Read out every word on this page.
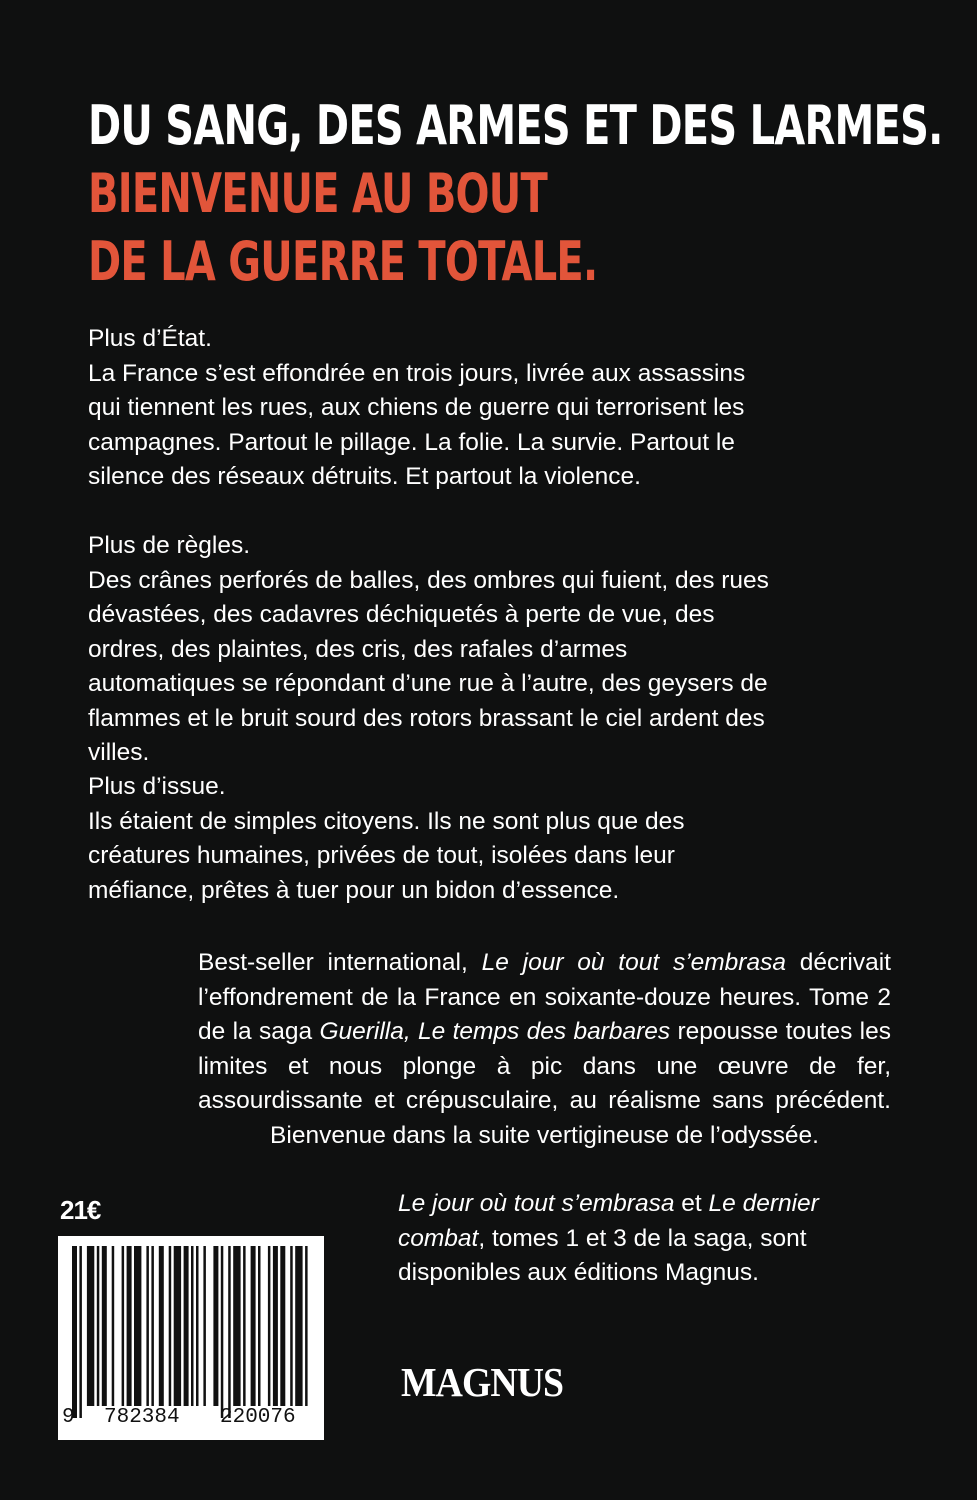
DU SANG, DES ARMES ET DES LARMES.
BIENVENUE AU BOUT
DE LA GUERRE TOTALE.
Plus d’État.

La France s’est effondrée en trois jours, livrée aux assassins qui tiennent les rues, aux chiens de guerre qui terrorisent les campagnes. Partout le pillage. La folie. La survie. Partout le silence des réseaux détruits. Et partout la violence.

Plus de règles.

Des crânes perforés de balles, des ombres qui fuient, des rues dévastées, des cadavres déchiquetés à perte de vue, des ordres, des plaintes, des cris, des rafales d’armes automatiques se répondant d’une rue à l’autre, des geysers de flammes et le bruit sourd des rotors brassant le ciel ardent des villes.

Plus d’issue.

Ils étaient de simples citoyens. Ils ne sont plus que des créatures humaines, privées de tout, isolées dans leur méfiance, prêtes à tuer pour un bidon d’essence.

Best-seller international, Le jour où tout s’embrasa décrivait l’effondrement de la France en soixante-douze heures. Tome 2 de la saga Guerilla, Le temps des barbares repousse toutes les limites et nous plonge à pic dans une œuvre de fer, assourdissante et crépusculaire, au réalisme sans précédent. Bienvenue dans la suite vertigineuse de l’odyssée.
Le jour où tout s’embrasa et Le dernier combat, tomes 1 et 3 de la saga, sont disponibles aux éditions Magnus.
21€
9 782384 220076
MAGNUS
